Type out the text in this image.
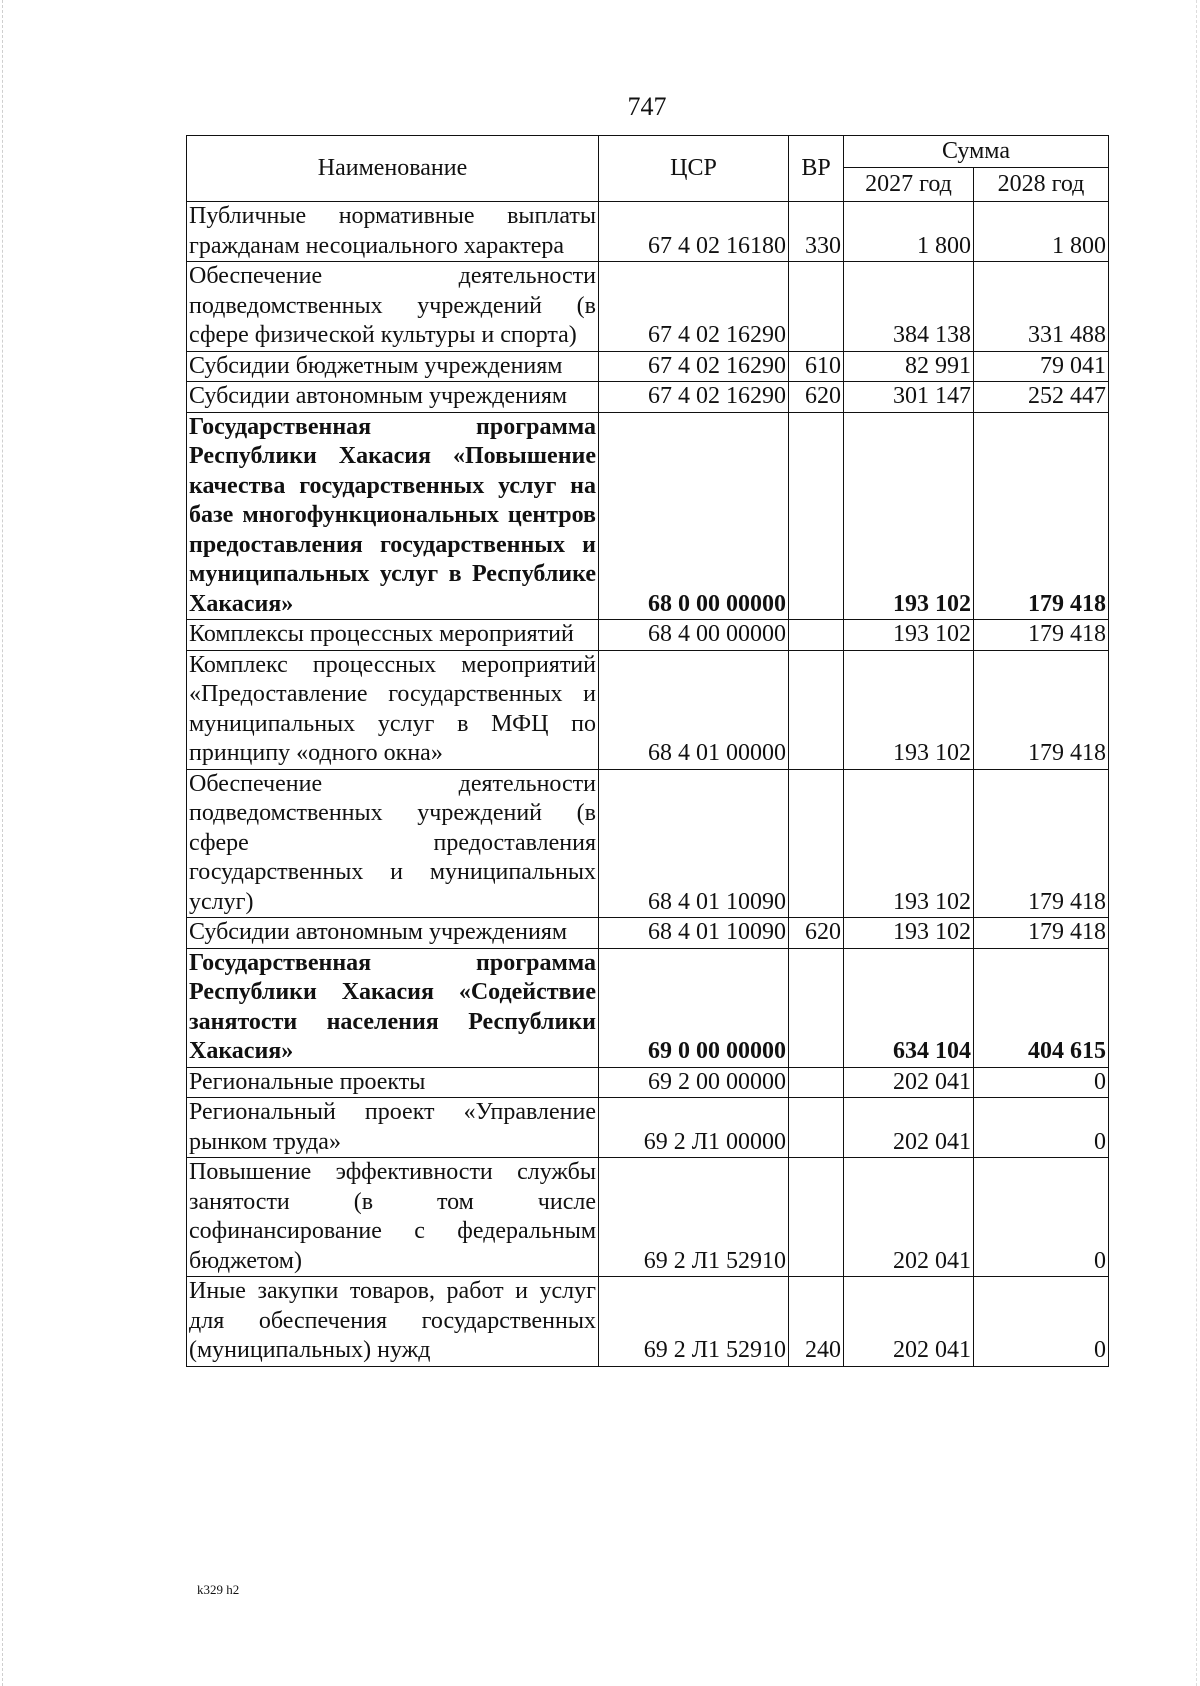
747
Наименование	ЦСР	ВР	Сумма	
			2027 год	2028 год
Публичные нормативные выплаты гражданам несоциального характера	67 4 02 16180	330	1 800	1 800
Обеспечение деятельности подведомственных учреждений (в сфере физической культуры и спорта)	67 4 02 16290		384 138	331 488
Субсидии бюджетным учреждениям	67 4 02 16290	610	82 991	79 041
Субсидии автономным учреждениям	67 4 02 16290	620	301 147	252 447
Государственная программа Республики Хакасия «Повышение качества государственных услуг на базе многофункциональных центров предоставления государственных и муниципальных услуг в Республике Хакасия»	68 0 00 00000		193 102	179 418
Комплексы процессных мероприятий	68 4 00 00000		193 102	179 418
Комплекс процессных мероприятий «Предоставление государственных и муниципальных услуг в МФЦ по принципу «одного окна»	68 4 01 00000		193 102	179 418
Обеспечение деятельности подведомственных учреждений (в сфере предоставления государственных и муниципальных услуг)	68 4 01 10090		193 102	179 418
Субсидии автономным учреждениям	68 4 01 10090	620	193 102	179 418
Государственная программа Республики Хакасия «Содействие занятости населения Республики Хакасия»	69 0 00 00000		634 104	404 615
Региональные проекты	69 2 00 00000		202 041	0
Региональный проект «Управление рынком труда»	69 2 Л1 00000		202 041	0
Повышение эффективности службы занятости (в том числе софинансирование с федеральным бюджетом)	69 2 Л1 52910		202 041	0
Иные закупки товаров, работ и услуг для обеспечения государственных (муниципальных) нужд	69 2 Л1 52910	240	202 041	0
k329 h2
